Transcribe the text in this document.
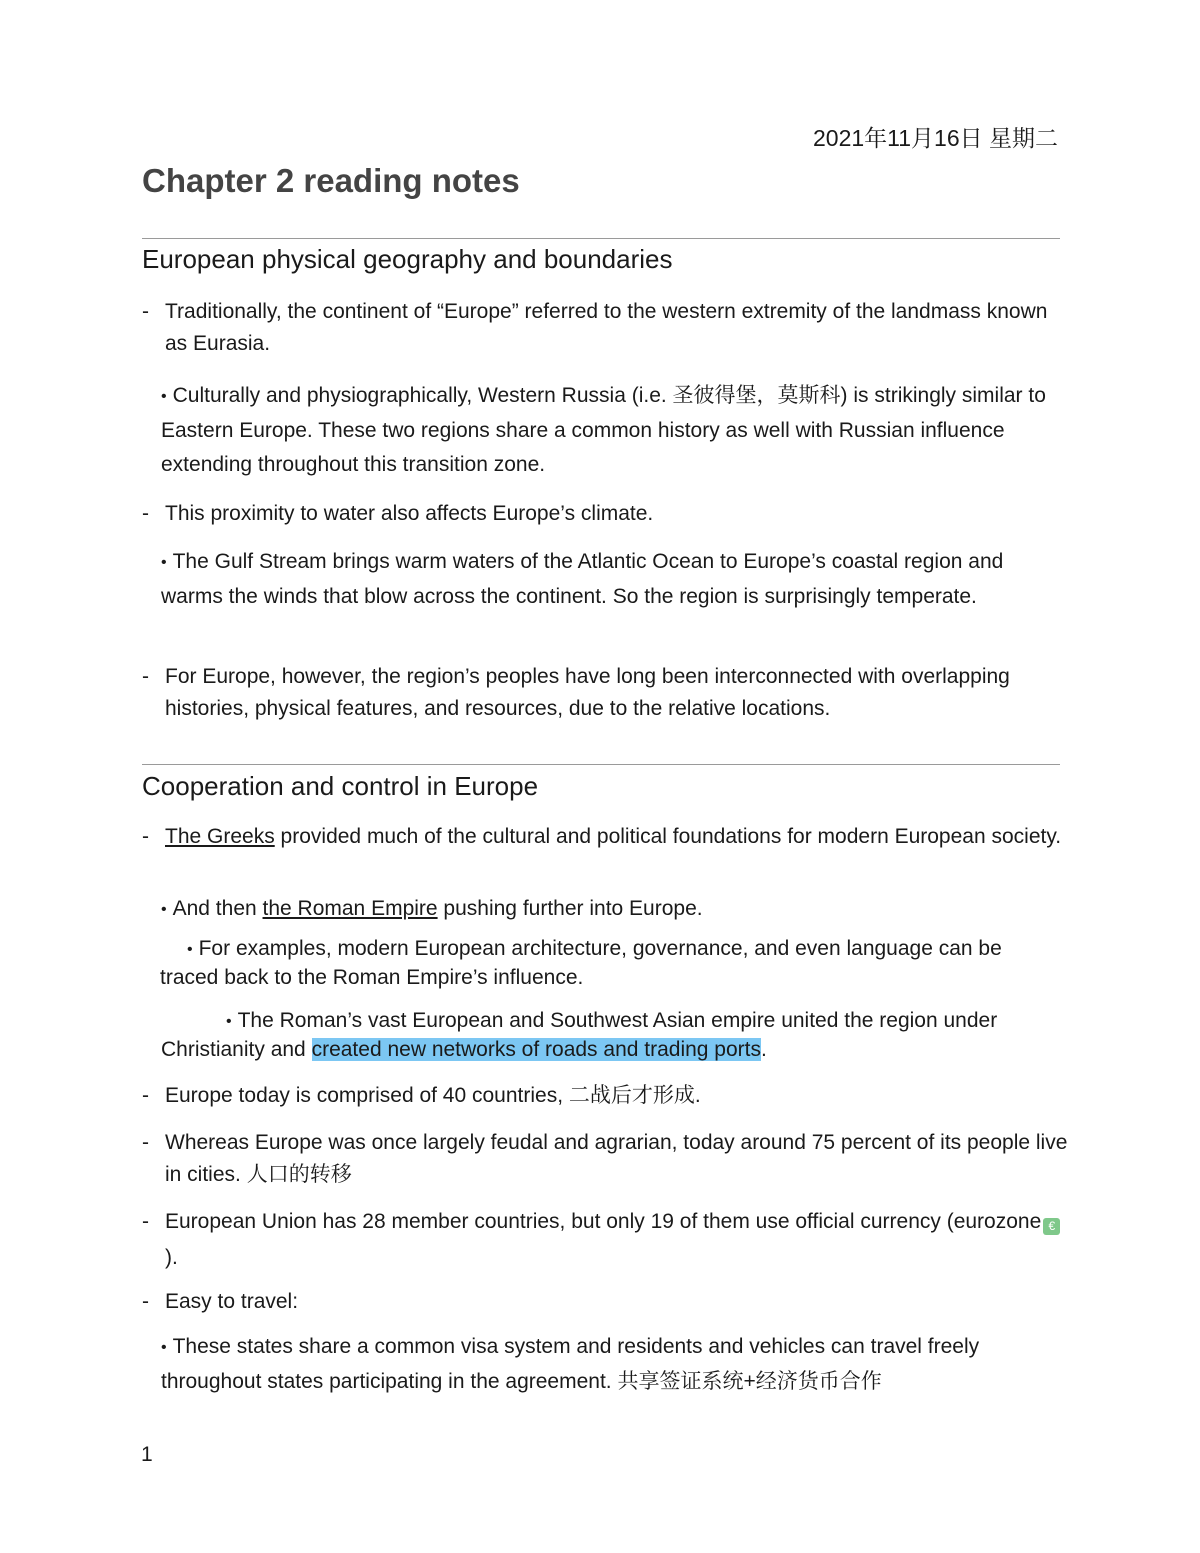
2021年11月16日 星期二
Chapter 2 reading notes
European physical geography and boundaries
- Traditionally, the continent of “Europe” referred to the western extremity of the landmass known as Eurasia.
• Culturally and physiographically, Western Russia (i.e. 圣彼得堡，莫斯科) is strikingly similar to Eastern Europe. These two regions share a common history as well with Russian influence extending throughout this transition zone.
- This proximity to water also affects Europe’s climate.
• The Gulf Stream brings warm waters of the Atlantic Ocean to Europe’s coastal region and warms the winds that blow across the continent. So the region is surprisingly temperate.
- For Europe, however, the region’s peoples have long been interconnected with overlapping histories, physical features, and resources, due to the relative locations.
Cooperation and control in Europe
- The Greeks provided much of the cultural and political foundations for modern European society.
• And then the Roman Empire pushing further into Europe.
• For examples, modern European architecture, governance, and even language can be traced back to the Roman Empire’s influence.
• The Roman’s vast European and Southwest Asian empire united the region under Christianity and created new networks of roads and trading ports.
- Europe today is comprised of 40 countries, 二战后才形成.
- Whereas Europe was once largely feudal and agrarian, today around 75 percent of its people live in cities. 人口的转移
- European Union has 28 member countries, but only 19 of them use official currency (eurozone €).
- Easy to travel:
• These states share a common visa system and residents and vehicles can travel freely throughout states participating in the agreement. 共享签证系统+经济货币合作
1
